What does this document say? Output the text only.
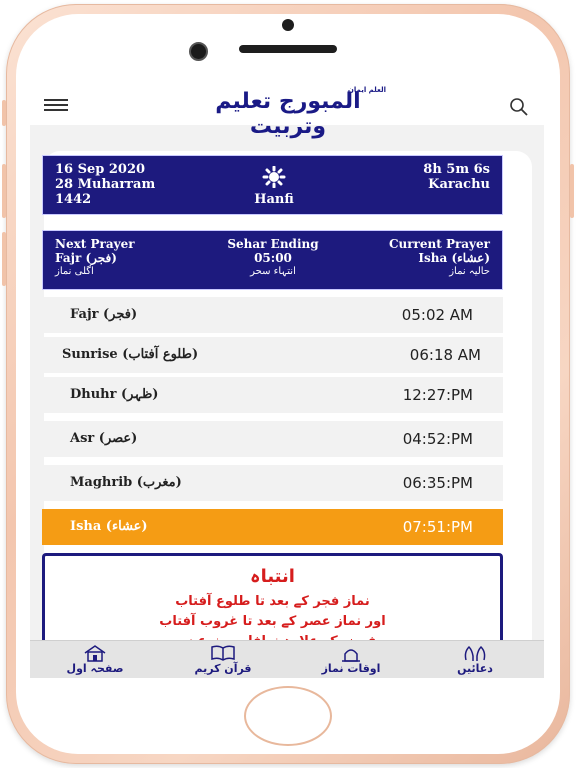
المبورج تعلیم وتربیت
العلم ایمان
16 Sep 2020
28 Muharram
1442	Hanfi
8h 5m 6s
Karachu
Next Prayer
Fajr (فجر)
اگلی نماز
Sehar Ending
05:00
انتہاء سحر
Current Prayer
Isha (عشاء)
حالیہ نماز
Fajr (فجر)	05:02 AM
Sunrise (طلوع آفتاب)	06:18 AM
Dhuhr (ظہر)	12:27:PM
Asr (عصر)	04:52:PM
Maghrib (مغرب)	06:35:PM
Isha (عشاء)	07:51:PM
انتباہ
نماز فجر کے بعد تا طلوع آفتاب
اور نماز عصر کے بعد تا غروب آفتاب
صفحہ اول	قرآن کریم	اوقات نماز	دعائیں
